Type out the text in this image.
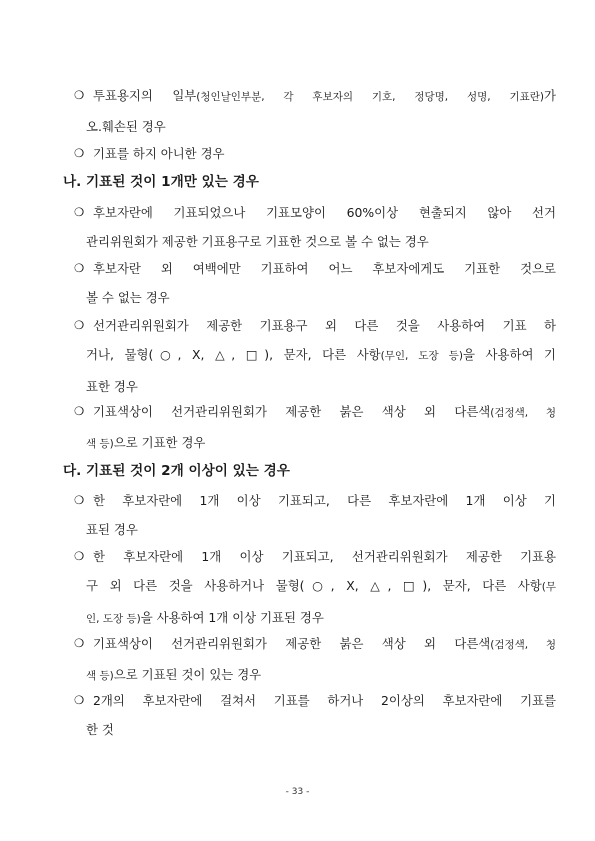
❍ 투표용지의 일부(청인날인부분, 각 후보자의 기호, 정당명, 성명, 기표란)가
오.훼손된 경우
❍ 기표를 하지 아니한 경우
나. 기표된 것이 1개만 있는 경우
❍ 후보자란에 기표되었으나 기표모양이 60%이상 현출되지 않아 선거
관리위원회가 제공한 기표용구로 기표한 것으로 볼 수 없는 경우
❍ 후보자란 외 여백에만 기표하여 어느 후보자에게도 기표한 것으로
볼 수 없는 경우
❍ 선거관리위원회가 제공한 기표용구 외 다른 것을 사용하여 기표 하
거나, 물형(○, X, △, □), 문자, 다른 사항(무인, 도장 등)을 사용하여 기
표한 경우
❍ 기표색상이 선거관리위원회가 제공한 붉은 색상 외 다른색(검정색, 청
색 등)으로 기표한 경우
다. 기표된 것이 2개 이상이 있는 경우
❍ 한 후보자란에 1개 이상 기표되고, 다른 후보자란에 1개 이상 기
표된 경우
❍ 한 후보자란에 1개 이상 기표되고, 선거관리위원회가 제공한 기표용
구 외 다른 것을 사용하거나 물형(○, X, △, □), 문자, 다른 사항(무
인, 도장 등)을 사용하여 1개 이상 기표된 경우
❍ 기표색상이 선거관리위원회가 제공한 붉은 색상 외 다른색(검정색, 청
색 등)으로 기표된 것이 있는 경우
❍ 2개의 후보자란에 걸쳐서 기표를 하거나 2이상의 후보자란에 기표를
한 것
- 33 -
